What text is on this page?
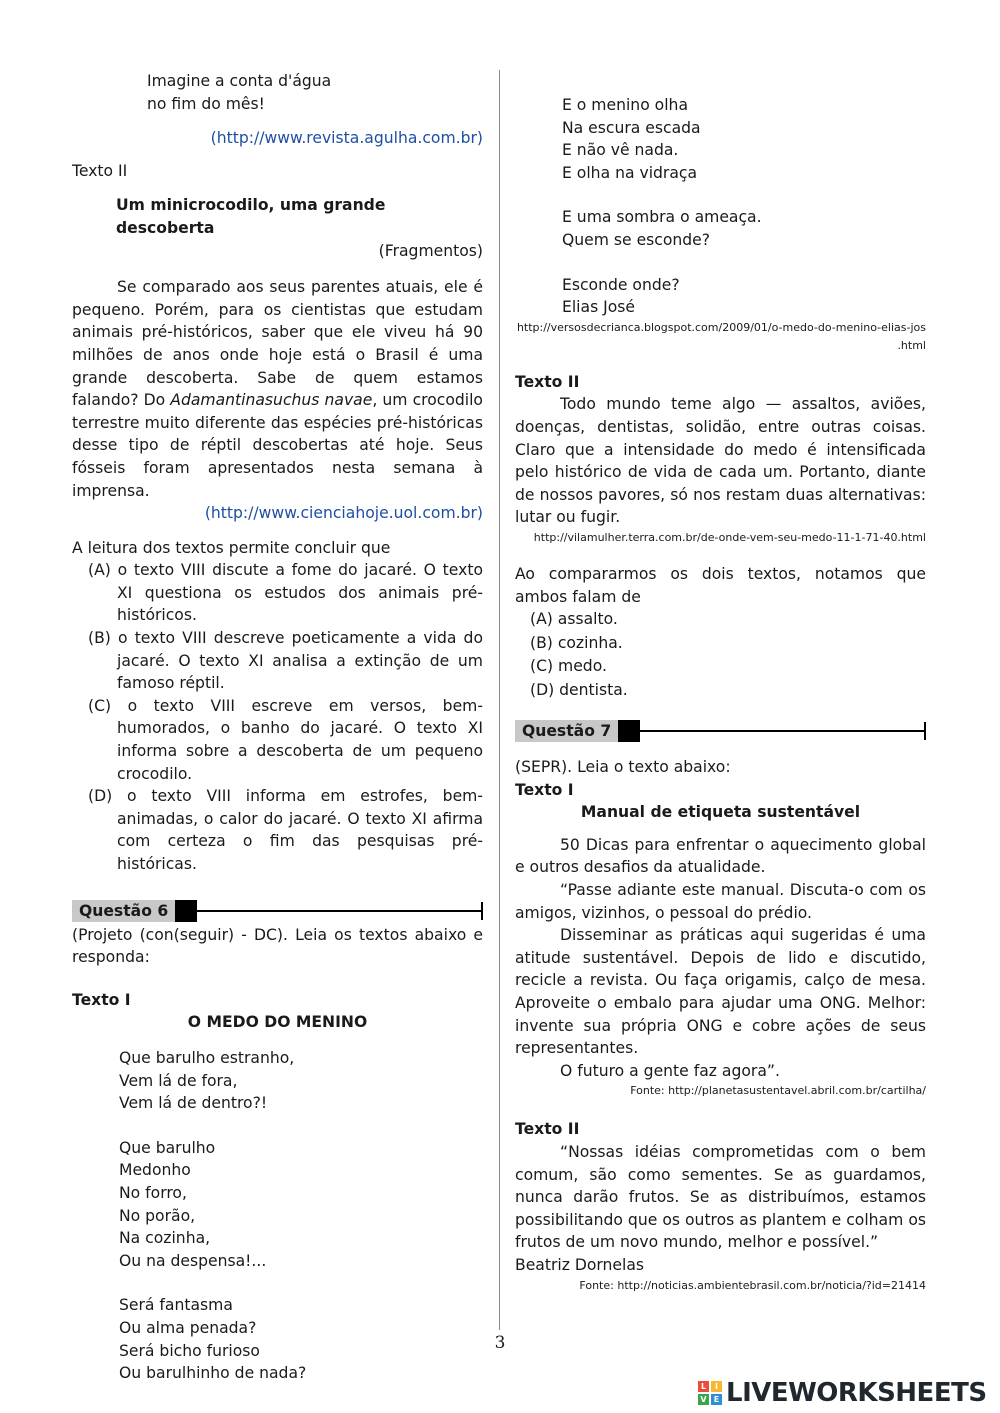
Imagine a conta d'água
no fim do mês!

(http://www.revista.agulha.com.br)

Texto II

Um minicrocodilo, uma grande descoberta

(Fragmentos)

Se comparado aos seus parentes atuais, ele é pequeno. Porém, para os cientistas que estudam animais pré-históricos, saber que ele viveu há 90 milhões de anos onde hoje está o Brasil é uma grande descoberta. Sabe de quem estamos falando? Do Adamantinasuchus navae, um crocodilo terrestre muito diferente das espécies pré-históricas desse tipo de réptil descobertas até hoje. Seus fósseis foram apresentados nesta semana à imprensa.

(http://www.cienciahoje.uol.com.br)

A leitura dos textos permite concluir que

(A) o texto VIII discute a fome do jacaré. O texto XI questiona os estudos dos animais pré-históricos.
(B) o texto VIII descreve poeticamente a vida do jacaré. O texto XI analisa a extinção de um famoso réptil.
(C) o texto VIII escreve em versos, bem-humorados, o banho do jacaré. O texto XI informa sobre a descoberta de um pequeno crocodilo.
(D) o texto VIII informa em estrofes, bem-animadas, o calor do jacaré. O texto XI afirma com certeza o fim das pesquisas pré-históricas.
Questão 6

(Projeto (con(seguir) - DC). Leia os textos abaixo e responda:

Texto I

O MEDO DO MENINO

Que barulho estranho,
Vem lá de fora,
Vem lá de dentro?!
Que barulho
Medonho
No forro,
No porão,
Na cozinha,
Ou na despensa!...
Será fantasma
Ou alma penada?
Será bicho furioso
Ou barulhinho de nada?
E o menino olha
Na escura escada
E não vê nada.
E olha na vidraça
E uma sombra o ameaça.
Quem se esconde?
Esconde onde?
Elias José

http://versosdecrianca.blogspot.com/2009/01/o-medo-do-menino-elias-jos .html

Texto II

Todo mundo teme algo — assaltos, aviões, doenças, dentistas, solidão, entre outras coisas. Claro que a intensidade do medo é intensificada pelo histórico de vida de cada um. Portanto, diante de nossos pavores, só nos restam duas alternativas: lutar ou fugir.

http://vilamulher.terra.com.br/de-onde-vem-seu-medo-11-1-71-40.html

Ao compararmos os dois textos, notamos que ambos falam de

(A) assalto.
(B) cozinha.
(C) medo.
(D) dentista.
Questão 7

(SEPR). Leia o texto abaixo:

Texto I

Manual de etiqueta sustentável

50 Dicas para enfrentar o aquecimento global e outros desafios da atualidade.

“Passe adiante este manual. Discuta-o com os amigos, vizinhos, o pessoal do prédio.

Disseminar as práticas aqui sugeridas é uma atitude sustentável. Depois de lido e discutido, recicle a revista. Ou faça origamis, calço de mesa. Aproveite o embalo para ajudar uma ONG. Melhor: invente sua própria ONG e cobre ações de seus representantes.

O futuro a gente faz agora”.

Fonte: http://planetasustentavel.abril.com.br/cartilha/

Texto II

“Nossas idéias comprometidas com o bem comum, são como sementes. Se as guardamos, nunca darão frutos. Se as distribuímos, estamos possibilitando que os outros as plantem e colham os frutos de um novo mundo, melhor e possível.”

Beatriz Dornelas

Fonte: http://noticias.ambientebrasil.com.br/noticia/?id=21414

3
L	I
V E LIVEWORKSHEETS
